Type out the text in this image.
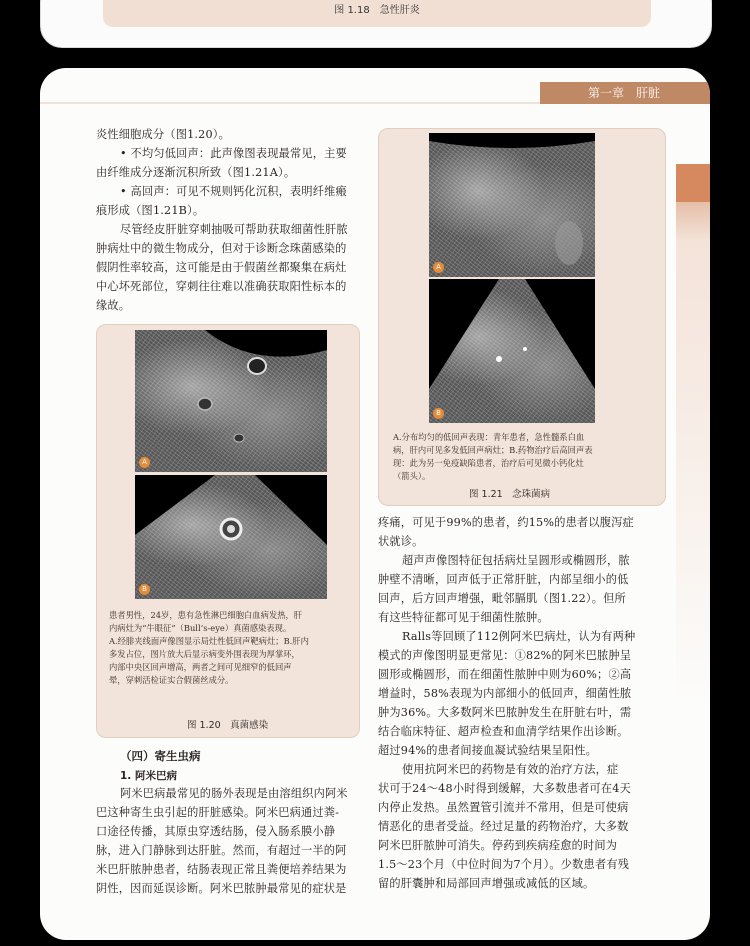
图 1.18　急性肝炎
第一章　肝脏
炎性细胞成分（图1.20）。
• 不均匀低回声：此声像图表现最常见，主要
由纤维成分逐渐沉积所致（图1.21A）。
• 高回声：可见不规则钙化沉积，表明纤维瘢
痕形成（图1.21B）。
尽管经皮肝脏穿刺抽吸可帮助获取细菌性肝脓
肿病灶中的微生物成分，但对于诊断念珠菌感染的
假阴性率较高，这可能是由于假菌丝都聚集在病灶
中心坏死部位，穿刺往往难以准确获取阳性标本的
缘故。
A
B
患者男性，24岁，患有急性淋巴细胞白血病发热，肝
内病灶为“牛眼征”（Bull’s-eye）真菌感染表现。
A.经腓夹线面声像图显示局灶性低回声靶病灶；B.肝内
多发占位，图片放大后显示病变外围表现为厚掌环，
内部中央区回声增高，两者之间可见细窄的低回声
晕，穿刺活检证实合假菌丝成分。
图 1.20　真菌感染
A
B
A.分布均匀的低回声表现：青年患者，急性髓系白血
病，肝内可见多发低回声病灶；B.药物治疗后高回声表
现：此为另一免疫缺陷患者，治疗后可见微小钙化灶
（箭头）。
图 1.21　念珠菌病
疼痛，可见于99%的患者，约15%的患者以腹泻症
状就诊。
超声声像图特征包括病灶呈圆形或椭圆形，脓
肿壁不清晰，回声低于正常肝脏，内部呈细小的低
回声，后方回声增强，毗邻膈肌（图1.22）。但所
有这些特征都可见于细菌性脓肿。
Ralls等回顾了112例阿米巴病灶，认为有两种
模式的声像图明显更常见：①82%的阿米巴脓肿呈
圆形或椭圆形，而在细菌性脓肿中则为60%；②高
增益时，58%表现为内部细小的低回声，细菌性脓
肿为36%。大多数阿米巴脓肿发生在肝脏右叶，需
结合临床特征、超声检查和血清学结果作出诊断。
超过94%的患者间接血凝试验结果呈阳性。
使用抗阿米巴的药物是有效的治疗方法，症
状可于24～48小时得到缓解，大多数患者可在4天
内停止发热。虽然置管引流并不常用，但是可使病
情恶化的患者受益。经过足量的药物治疗，大多数
阿米巴肝脓肿可消失。停药到疾病痊愈的时间为
1.5～23个月（中位时间为7个月）。少数患者有残
留的肝囊肿和局部回声增强或减低的区域。
（四）寄生虫病
1. 阿米巴病
阿米巴病最常见的肠外表现是由溶组织内阿米
巴这种寄生虫引起的肝脏感染。阿米巴病通过粪-
口途径传播，其原虫穿透结肠，侵入肠系膜小静
脉，进入门静脉到达肝脏。然而，有超过一半的阿
米巴肝脓肿患者，结肠表现正常且粪便培养结果为
阴性，因而延误诊断。阿米巴脓肿最常见的症状是
